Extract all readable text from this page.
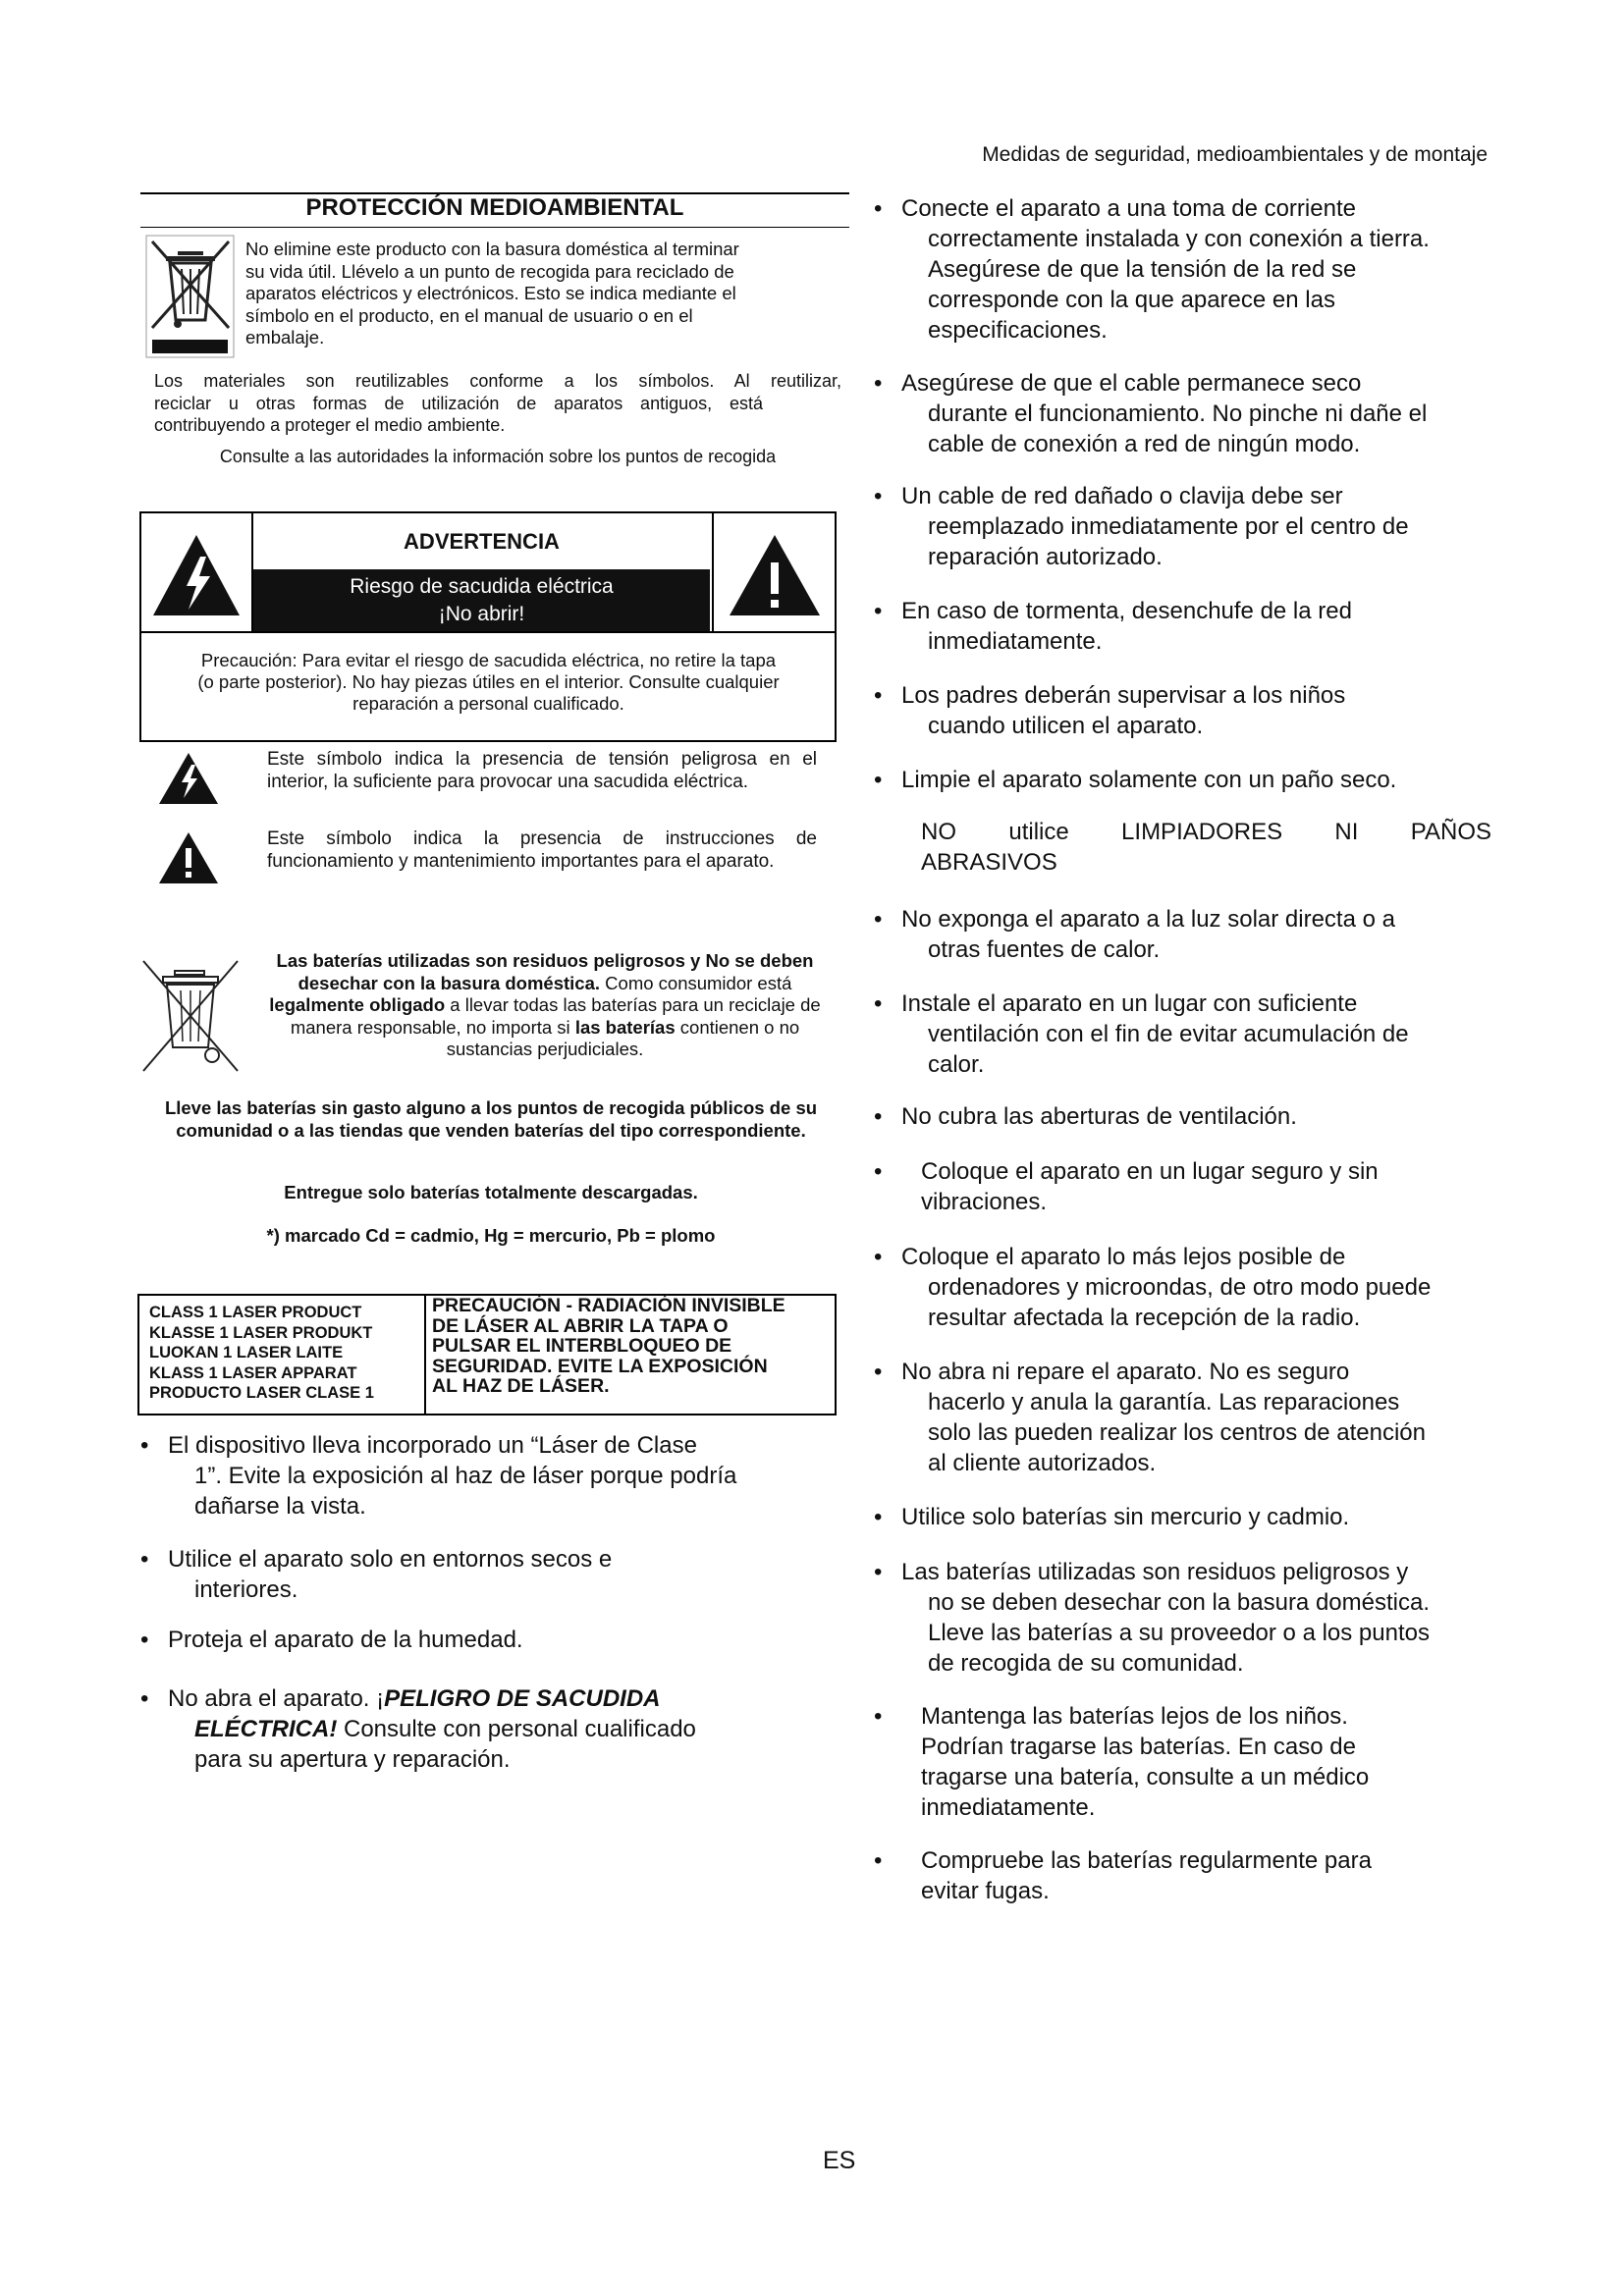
Medidas de seguridad, medioambientales y de montaje
PROTECCIÓN MEDIOAMBIENTAL
No elimine este producto con la basura doméstica al terminar
su vida útil. Llévelo a un punto de recogida para reciclado de
aparatos eléctricos y electrónicos. Esto se indica mediante el
símbolo en el producto, en el manual de usuario o en el
embalaje.
Los materiales son reutilizables conforme a los símbolos. Al reutilizar,
reciclar u otras formas de utilización de aparatos antiguos, está
contribuyendo a proteger el medio ambiente.
Consulte a las autoridades la información sobre los puntos de recogida
ADVERTENCIA
Riesgo de sacudida eléctrica
¡No abrir!
Precaución: Para evitar el riesgo de sacudida eléctrica, no retire la tapa
(o parte posterior). No hay piezas útiles en el interior. Consulte cualquier
reparación a personal cualificado.
Este símbolo indica la presencia de tensión peligrosa en el interior, la suficiente para provocar una sacudida eléctrica.
Este símbolo indica la presencia de instrucciones de funcionamiento y mantenimiento importantes para el aparato.
Las baterías utilizadas son residuos peligrosos y No se deben desechar con la basura doméstica. Como consumidor está legalmente obligado a llevar todas las baterías para un reciclaje de manera responsable, no importa si las baterías contienen o no sustancias perjudiciales.
Lleve las baterías sin gasto alguno a los puntos de recogida públicos de su comunidad o a las tiendas que venden baterías del tipo correspondiente.
Entregue solo baterías totalmente descargadas.
*) marcado Cd = cadmio, Hg = mercurio, Pb = plomo
CLASS 1 LASER PRODUCT
KLASSE 1 LASER PRODUKT
LUOKAN 1 LASER LAITE
KLASS 1 LASER APPARAT
PRODUCTO LASER CLASE 1
PRECAUCIÓN - RADIACIÓN INVISIBLE
DE LÁSER AL ABRIR LA TAPA O
PULSAR EL INTERBLOQUEO DE
SEGURIDAD. EVITE LA EXPOSICIÓN
AL HAZ DE LÁSER.
• El dispositivo lleva incorporado un “Láser de Clase
1”. Evite la exposición al haz de láser porque podría
dañarse la vista.
• Utilice el aparato solo en entornos secos e
interiores.
• Proteja el aparato de la humedad.
• No abra el aparato. ¡PELIGRO DE SACUDIDA
ELÉCTRICA! Consulte con personal cualificado
para su apertura y reparación.
• Conecte el aparato a una toma de corriente
correctamente instalada y con conexión a tierra.
Asegúrese de que la tensión de la red se
corresponde con la que aparece en las
especificaciones.
• Asegúrese de que el cable permanece seco
durante el funcionamiento. No pinche ni dañe el
cable de conexión a red de ningún modo.
• Un cable de red dañado o clavija debe ser
reemplazado inmediatamente por el centro de
reparación autorizado.
• En caso de tormenta, desenchufe de la red
inmediatamente.
• Los padres deberán supervisar a los niños
cuando utilicen el aparato.
• Limpie el aparato solamente con un paño seco.
NO        utilice        LIMPIADORES        NI        PAÑOS
ABRASIVOS
• No exponga el aparato a la luz solar directa o a
otras fuentes de calor.
• Instale el aparato en un lugar con suficiente
ventilación con el fin de evitar acumulación de
calor.
• No cubra las aberturas de ventilación.
• Coloque el aparato en un lugar seguro y sin
vibraciones.
• Coloque el aparato lo más lejos posible de
ordenadores y microondas, de otro modo puede
resultar afectada la recepción de la radio.
• No abra ni repare el aparato. No es seguro
hacerlo y anula la garantía. Las reparaciones
solo las pueden realizar los centros de atención
al cliente autorizados.
• Utilice solo baterías sin mercurio y cadmio.
• Las baterías utilizadas son residuos peligrosos y
no se deben desechar con la basura doméstica.
Lleve las baterías a su proveedor o a los puntos
de recogida de su comunidad.
• Mantenga las baterías lejos de los niños.
Podrían tragarse las baterías. En caso de
tragarse una batería, consulte a un médico
inmediatamente.
• Compruebe las baterías regularmente para
evitar fugas.
ES
